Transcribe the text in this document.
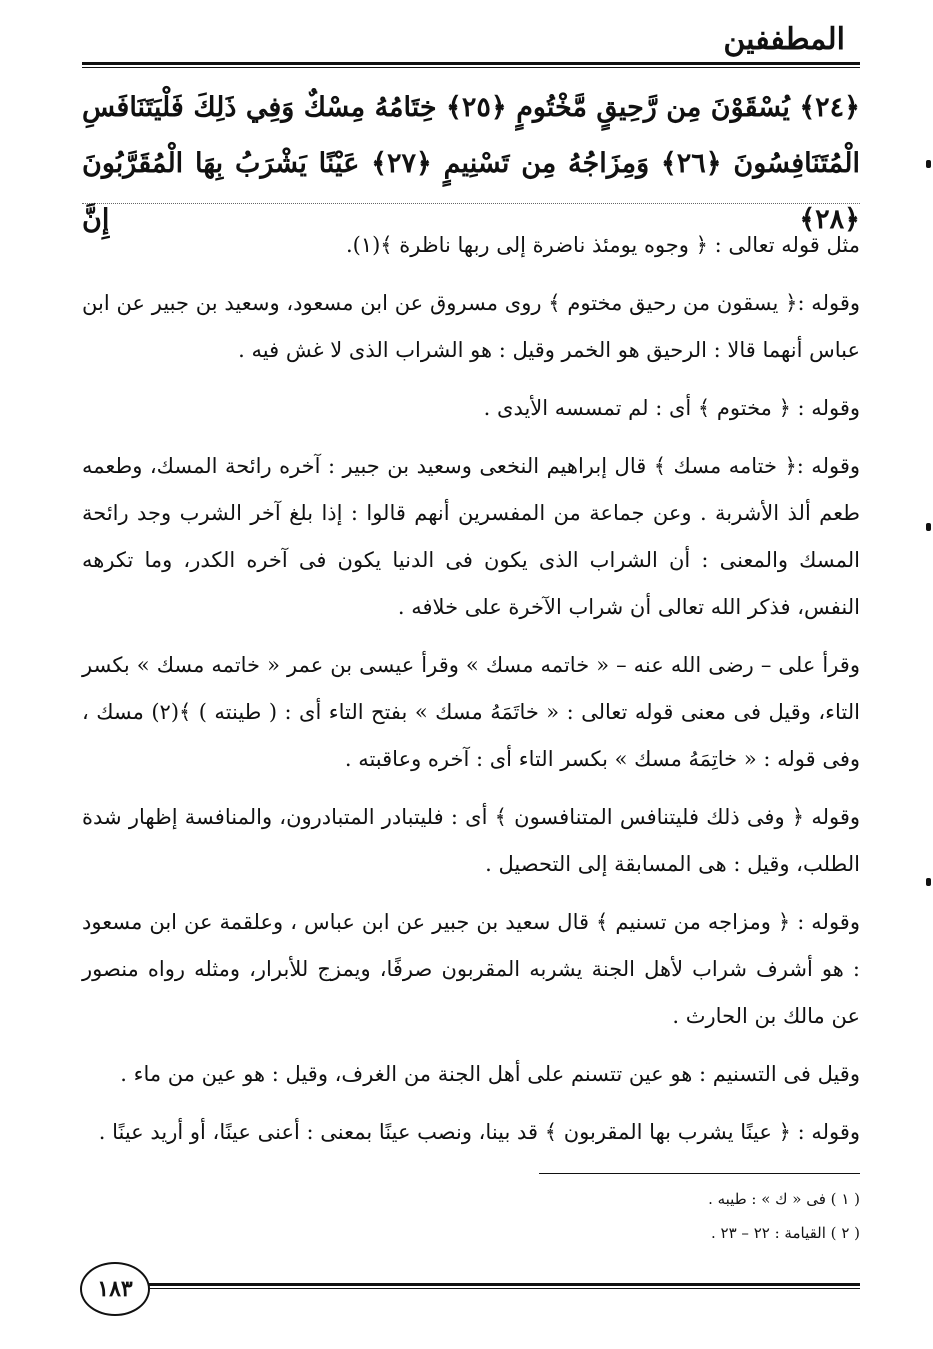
المطففين
﴿٢٤﴾ يُسْقَوْنَ مِن رَّحِيقٍ مَّخْتُومٍ ﴿٢٥﴾ خِتَامُهُ مِسْكٌ وَفِي ذَلِكَ فَلْيَتَنَافَسِ
الْمُتَنَافِسُونَ ﴿٢٦﴾ وَمِزَاجُهُ مِن تَسْنِيمٍ ﴿٢٧﴾ عَيْنًا يَشْرَبُ بِهَا الْمُقَرَّبُونَ ﴿٢٨﴾ إِنَّ

مثل قوله تعالى : ﴿ وجوه يومئذ ناضرة إلى ربها ناظرة ﴾(١).

وقوله :﴿ يسقون من رحيق مختوم ﴾ روى مسروق عن ابن مسعود، وسعيد بن جبير عن ابن عباس أنهما قالا : الرحيق هو الخمر وقيل : هو الشراب الذى لا غش فيه .

وقوله : ﴿ مختوم ﴾ أى : لم تمسسه الأيدى .

وقوله :﴿ ختامه مسك ﴾ قال إبراهيم النخعى وسعيد بن جبير : آخره رائحة المسك، وطعمه طعم ألذ الأشربة . وعن جماعة من المفسرين أنهم قالوا : إذا بلغ آخر الشرب وجد رائحة المسك والمعنى : أن الشراب الذى يكون فى الدنيا يكون فى آخره الكدر، وما تكرهه النفس، فذكر الله تعالى أن شراب الآخرة على خلافه .

وقرأ على – رضى الله عنه – « خاتمه مسك » وقرأ عيسى بن عمر « خاتمه مسك » بكسر التاء، وقيل فى معنى قوله تعالى : « خاتَمَهُ مسك » بفتح التاء أى : ( طينته ) ﴾(٢) مسك ، وفى قوله : « خاتِمَهُ مسك » بكسر التاء أى : آخره وعاقبته .

وقوله ﴿ وفى ذلك فليتنافس المتنافسون ﴾ أى : فليتبادر المتبادرون، والمنافسة إظهار شدة الطلب، وقيل : هى المسابقة إلى التحصيل .

وقوله : ﴿ ومزاجه من تسنيم ﴾ قال سعيد بن جبير عن ابن عباس ، وعلقمة عن ابن مسعود : هو أشرف شراب لأهل الجنة يشربه المقربون صرفًا، ويمزج للأبرار، ومثله رواه منصور عن مالك بن الحارث .

وقيل فى التسنيم : هو عين تتسنم على أهل الجنة من الغرف، وقيل : هو عين من ماء .

وقوله : ﴿ عينًا يشرب بها المقربون ﴾ قد بينا، ونصب عينًا بمعنى : أعنى عينًا، أو أريد عينًا .

( ١ ) فى « ك » : طيبه .
( ٢ ) القيامة : ٢٢ – ٢٣ .
١٨٣
